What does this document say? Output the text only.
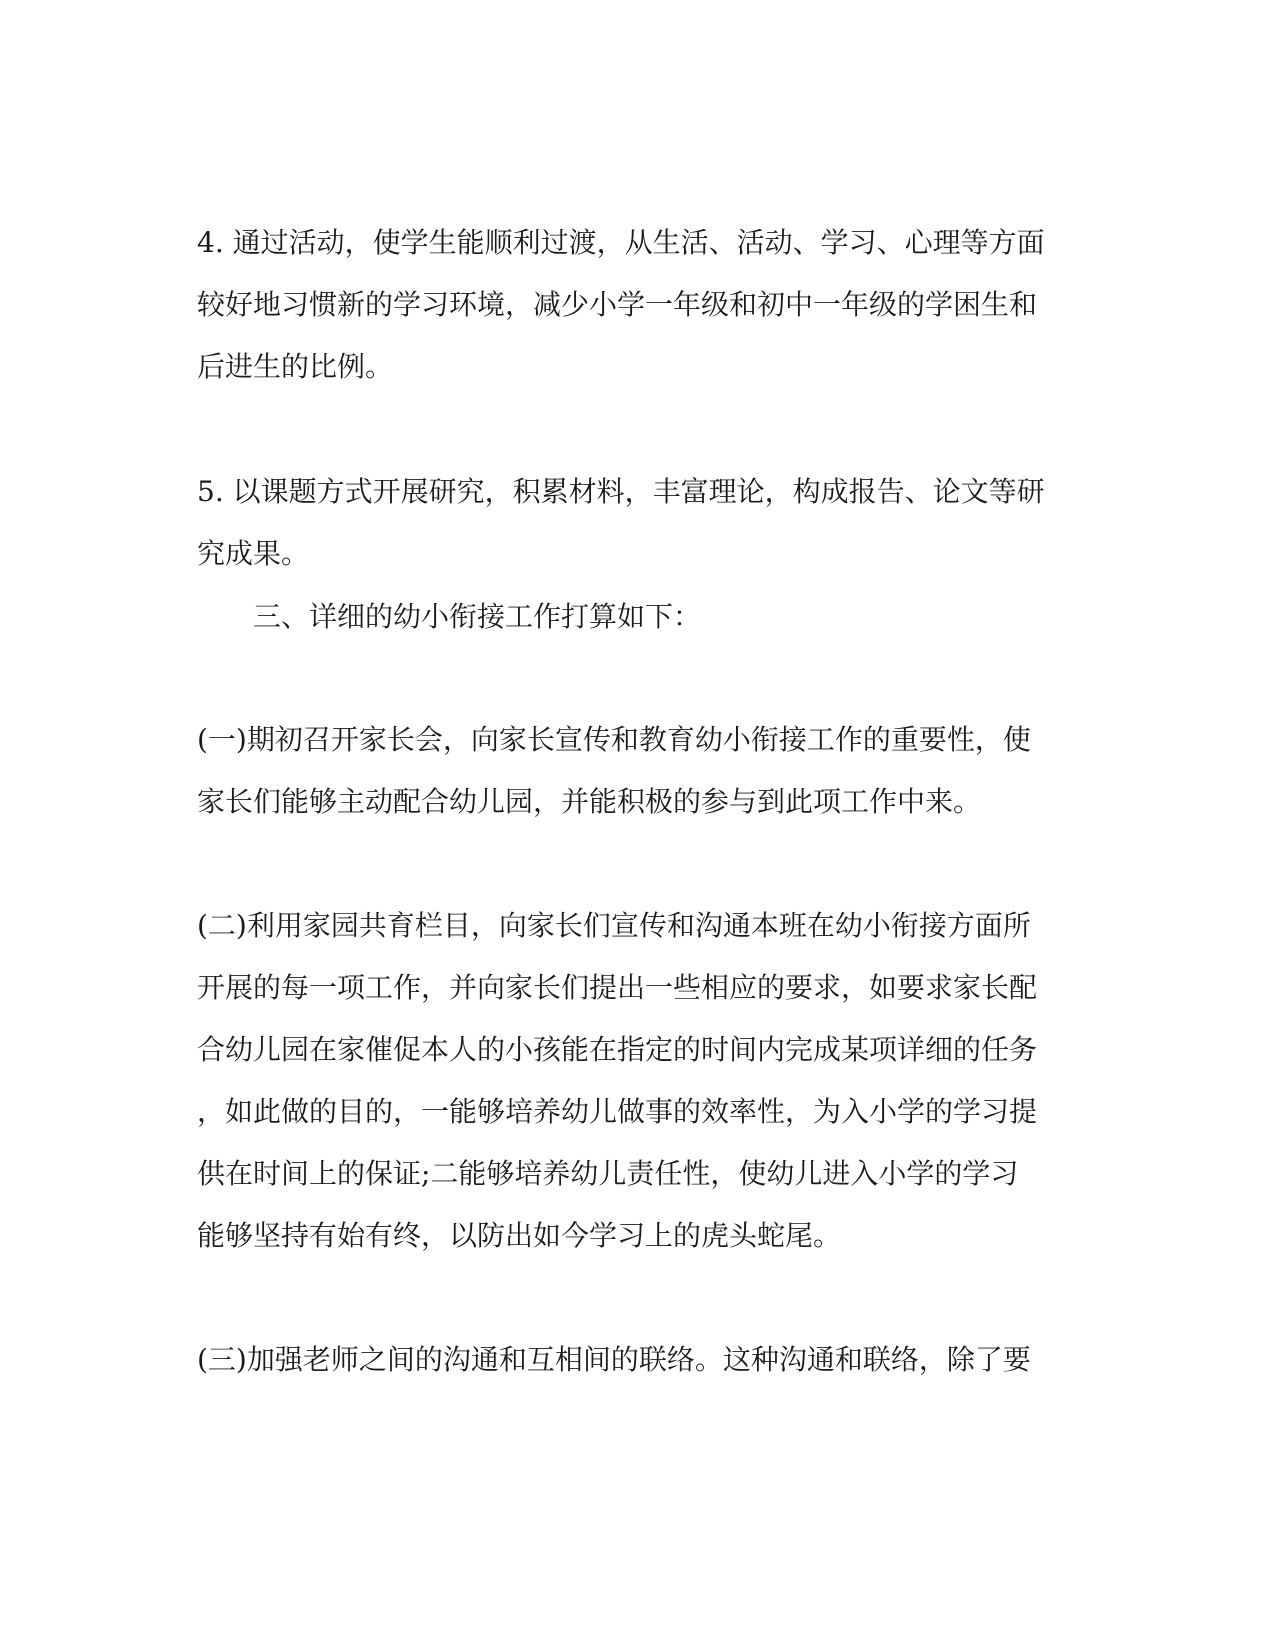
4. 通过活动，使学生能顺利过渡，从生活、活动、学习、心理等方面
较好地习惯新的学习环境，减少小学一年级和初中一年级的学困生和
后进生的比例。
5. 以课题方式开展研究，积累材料，丰富理论，构成报告、论文等研
究成果。
三、详细的幼小衔接工作打算如下：
(一)期初召开家长会，向家长宣传和教育幼小衔接工作的重要性，使
家长们能够主动配合幼儿园，并能积极的参与到此项工作中来。
(二)利用家园共育栏目，向家长们宣传和沟通本班在幼小衔接方面所
开展的每一项工作，并向家长们提出一些相应的要求，如要求家长配
合幼儿园在家催促本人的小孩能在指定的时间内完成某项详细的任务
，如此做的目的，一能够培养幼儿做事的效率性，为入小学的学习提
供在时间上的保证;二能够培养幼儿责任性，使幼儿进入小学的学习
能够坚持有始有终，以防出如今学习上的虎头蛇尾。
(三)加强老师之间的沟通和互相间的联络。这种沟通和联络，除了要
